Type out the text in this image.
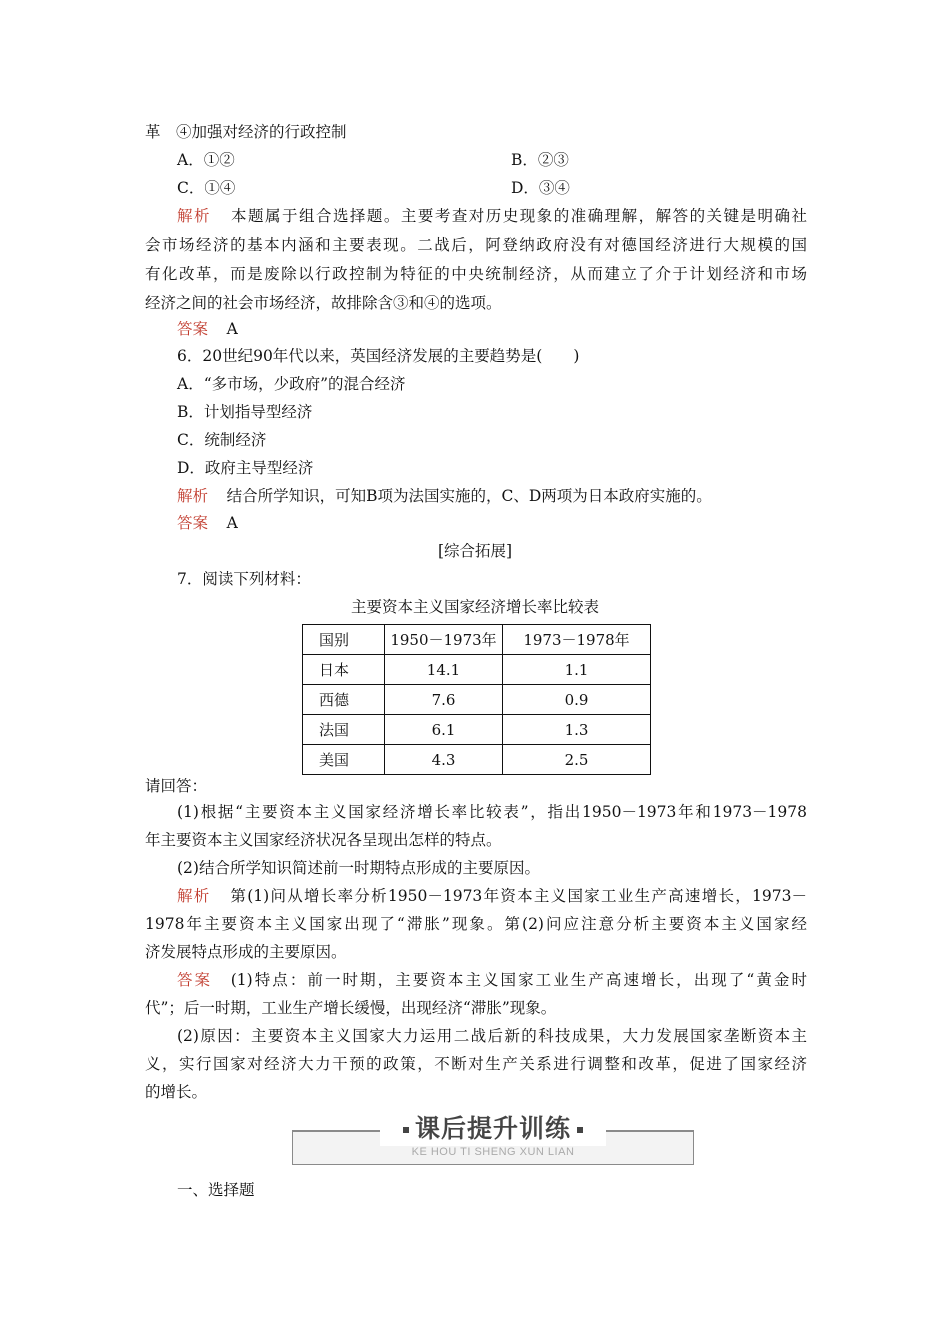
革　④加强对经济的行政控制
A．①②	B．②③
C．①④	D．③④
解析 本题属于组合选择题。主要考查对历史现象的准确理解，解答的关键是明确社
会市场经济的基本内涵和主要表现。二战后，阿登纳政府没有对德国经济进行大规模的国
有化改革，而是废除以行政控制为特征的中央统制经济，从而建立了介于计划经济和市场
经济之间的社会市场经济，故排除含③和④的选项。
答案 A
6．20世纪90年代以来，英国经济发展的主要趋势是(　　)
A．“多市场，少政府”的混合经济
B．计划指导型经济
C．统制经济
D．政府主导型经济
解析 结合所学知识，可知B项为法国实施的，C、D两项为日本政府实施的。
答案 A
[综合拓展]
7．阅读下列材料：
主要资本主义国家经济增长率比较表
国别	1950－1973年	1973－1978年
日本	14.1	1.1
西德	7.6	0.9
法国	6.1	1.3
美国	4.3	2.5
请回答：
(1)根据“主要资本主义国家经济增长率比较表”，指出1950－1973年和1973－1978
年主要资本主义国家经济状况各呈现出怎样的特点。
(2)结合所学知识简述前一时期特点形成的主要原因。
解析 第(1)问从增长率分析1950－1973年资本主义国家工业生产高速增长，1973－
1978年主要资本主义国家出现了“滞胀”现象。第(2)问应注意分析主要资本主义国家经
济发展特点形成的主要原因。
答案 (1)特点：前一时期，主要资本主义国家工业生产高速增长，出现了“黄金时
代”；后一时期，工业生产增长缓慢，出现经济“滞胀”现象。
(2)原因：主要资本主义国家大力运用二战后新的科技成果，大力发展国家垄断资本主
义，实行国家对经济大力干预的政策，不断对生产关系进行调整和改革，促进了国家经济
的增长。
课后提升训练
KE HOU TI SHENG XUN LIAN
一、选择题
